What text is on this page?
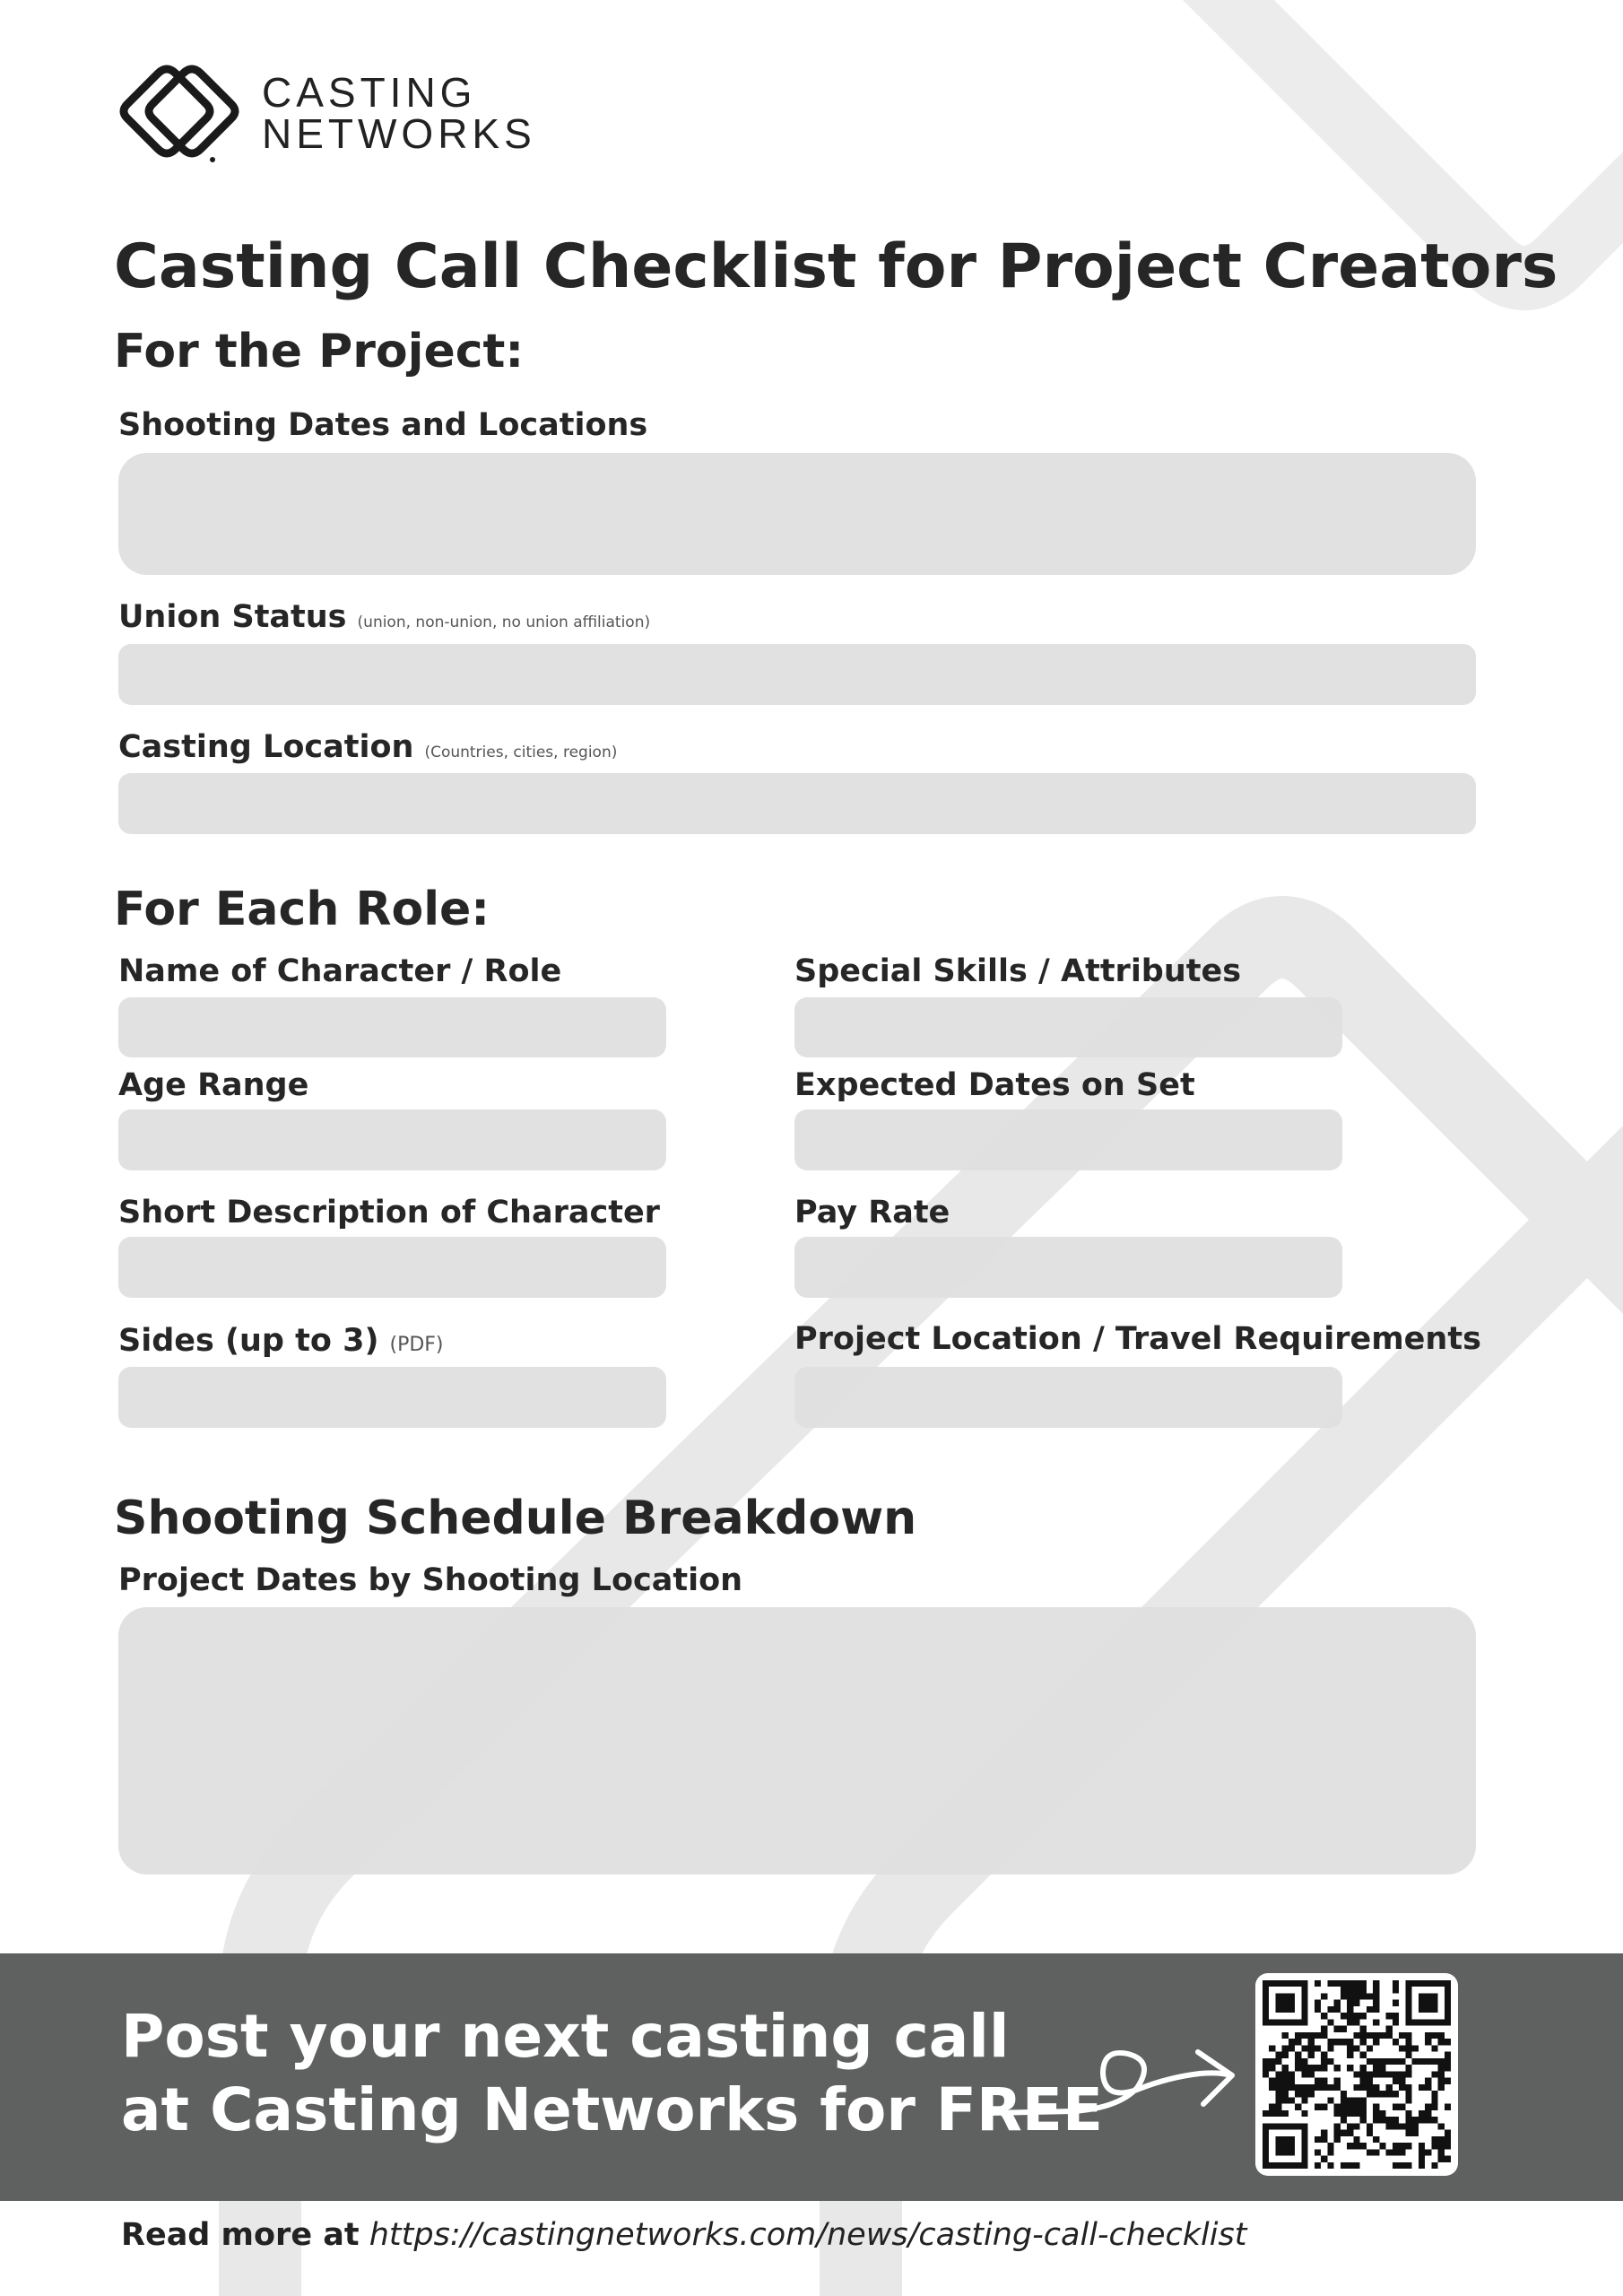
CASTING
NETWORKS
Casting Call Checklist for Project Creators
For the Project:
Shooting Dates and Locations
Union Status (union, non-union, no union affiliation)
Casting Location (Countries, cities, region)
For Each Role:
Name of Character / Role
Age Range
Short Description of Character
Sides (up to 3) (PDF)
Special Skills / Attributes
Expected Dates on Set
Pay Rate
Project Location / Travel Requirements
Shooting Schedule Breakdown
Project Dates by Shooting Location
Post your next casting call
at Casting Networks for FREE
Read more at https://castingnetworks.com/news/casting-call-checklist
